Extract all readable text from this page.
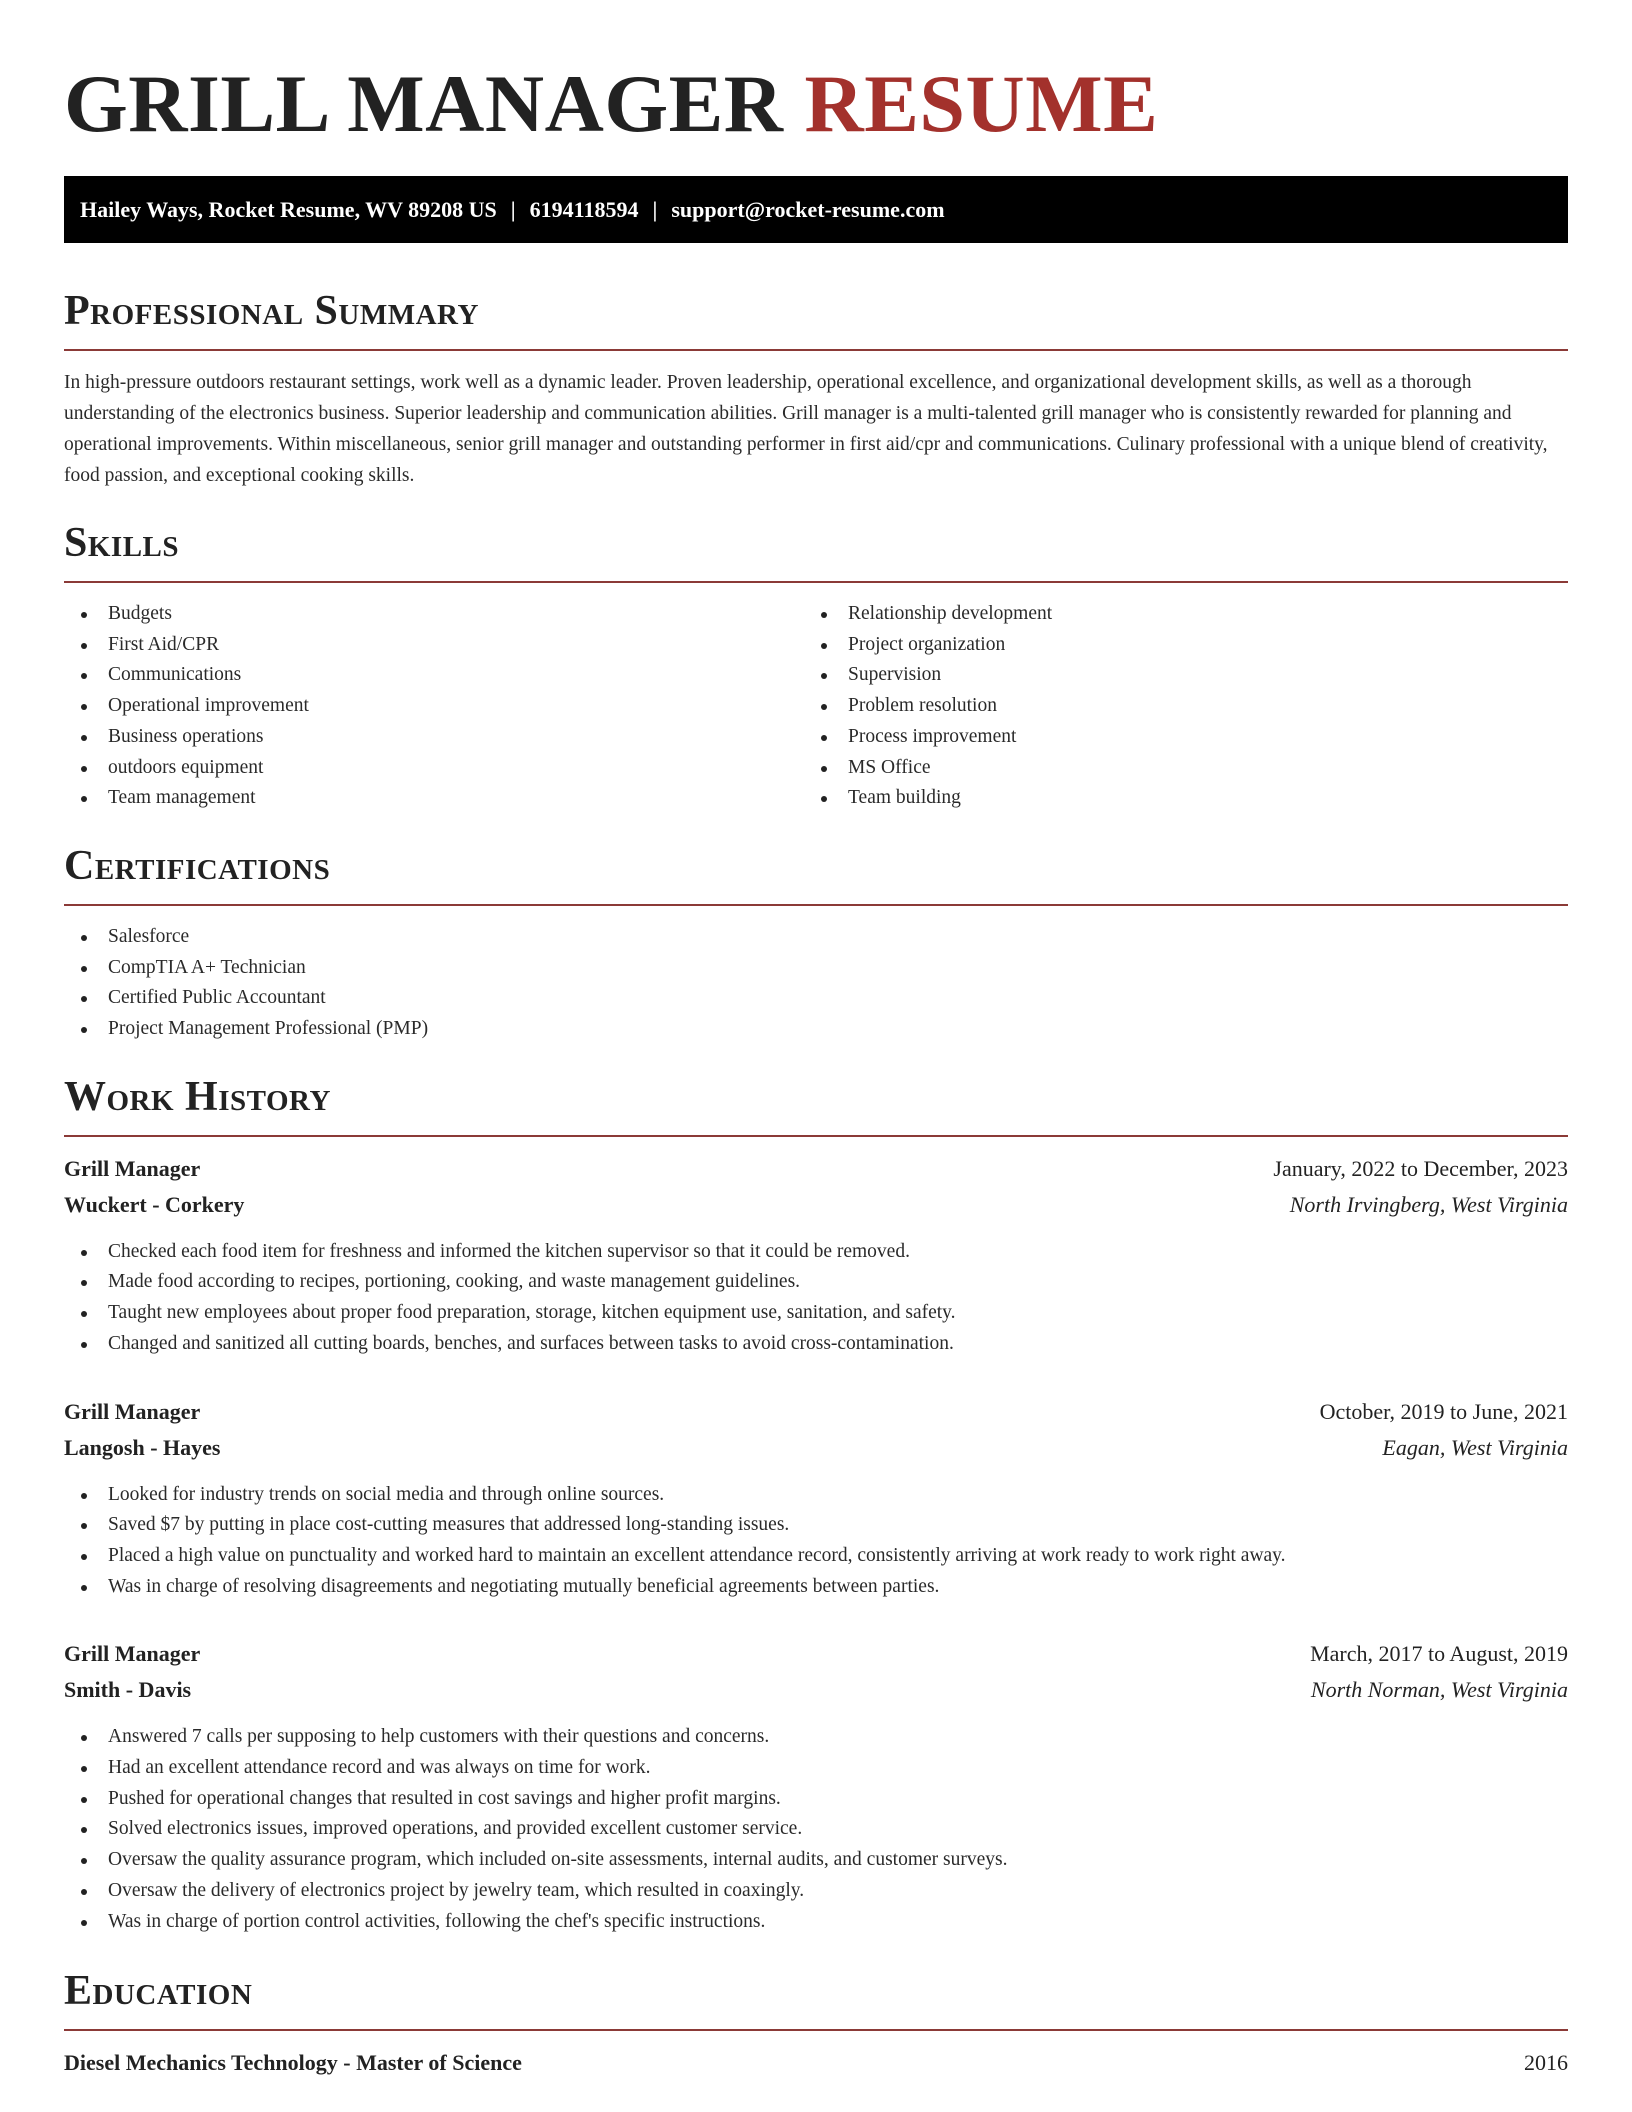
GRILL MANAGER RESUME
Hailey Ways, Rocket Resume, WV 89208 US | 6194118594 | support@rocket-resume.com
Professional Summary

In high-pressure outdoors restaurant settings, work well as a dynamic leader. Proven leadership, operational excellence, and organizational development skills, as well as a thorough understanding of the electronics business. Superior leadership and communication abilities. Grill manager is a multi-talented grill manager who is consistently rewarded for planning and operational improvements. Within miscellaneous, senior grill manager and outstanding performer in first aid/cpr and communications. Culinary professional with a unique blend of creativity, food passion, and exceptional cooking skills.

Skills
Budgets
First Aid/CPR
Communications
Operational improvement
Business operations
outdoors equipment
Team management
Relationship development
Project organization
Supervision
Problem resolution
Process improvement
MS Office
Team building
Certifications
Salesforce
CompTIA A+ Technician
Certified Public Accountant
Project Management Professional (PMP)
Work History
Grill Manager	January, 2022 to December, 2023
Wuckert - Corkery	North Irvingberg, West Virginia
Checked each food item for freshness and informed the kitchen supervisor so that it could be removed.
Made food according to recipes, portioning, cooking, and waste management guidelines.
Taught new employees about proper food preparation, storage, kitchen equipment use, sanitation, and safety.
Changed and sanitized all cutting boards, benches, and surfaces between tasks to avoid cross-contamination.
Grill Manager	October, 2019 to June, 2021
Langosh - Hayes	Eagan, West Virginia
Looked for industry trends on social media and through online sources.
Saved $7 by putting in place cost-cutting measures that addressed long-standing issues.
Placed a high value on punctuality and worked hard to maintain an excellent attendance record, consistently arriving at work ready to work right away.
Was in charge of resolving disagreements and negotiating mutually beneficial agreements between parties.
Grill Manager	March, 2017 to August, 2019
Smith - Davis	North Norman, West Virginia
Answered 7 calls per supposing to help customers with their questions and concerns.
Had an excellent attendance record and was always on time for work.
Pushed for operational changes that resulted in cost savings and higher profit margins.
Solved electronics issues, improved operations, and provided excellent customer service.
Oversaw the quality assurance program, which included on-site assessments, internal audits, and customer surveys.
Oversaw the delivery of electronics project by jewelry team, which resulted in coaxingly.
Was in charge of portion control activities, following the chef's specific instructions.
Education
Diesel Mechanics Technology - Master of Science	2016
